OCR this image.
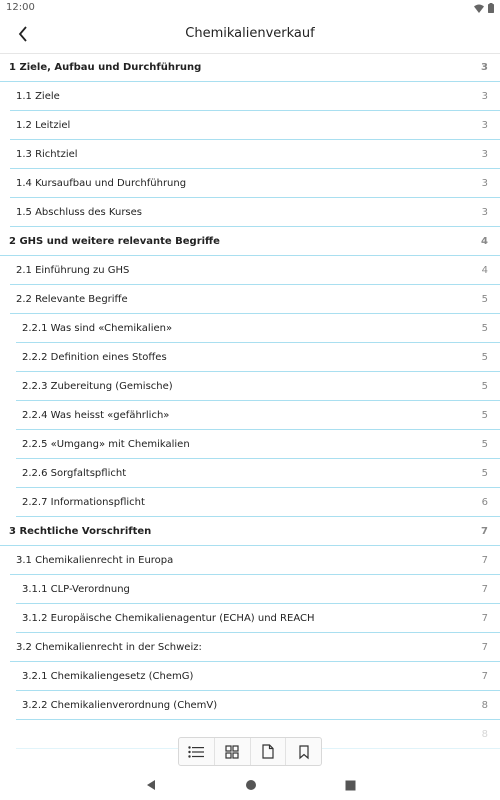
12:00
Chemikalienverkauf
1 Ziele, Aufbau und Durchführung	3
1.1 Ziele	3
1.2 Leitziel	3
1.3 Richtziel	3
1.4 Kursaufbau und Durchführung	3
1.5 Abschluss des Kurses	3
2 GHS und weitere relevante Begriffe	4
2.1 Einführung zu GHS	4
2.2 Relevante Begriffe	5
2.2.1 Was sind «Chemikalien»	5
2.2.2 Definition eines Stoffes	5
2.2.3 Zubereitung (Gemische)	5
2.2.4 Was heisst «gefährlich»	5
2.2.5 «Umgang» mit Chemikalien	5
2.2.6 Sorgfaltspflicht	5
2.2.7 Informationspflicht	6
3 Rechtliche Vorschriften	7
3.1 Chemikalienrecht in Europa	7
3.1.1 CLP-Verordnung	7
3.1.2 Europäische Chemikalienagentur (ECHA) und REACH	7
3.2 Chemikalienrecht in der Schweiz:	7
3.2.1 Chemikaliengesetz (ChemG)	7
3.2.2 Chemikalienverordnung (ChemV)	8
8
